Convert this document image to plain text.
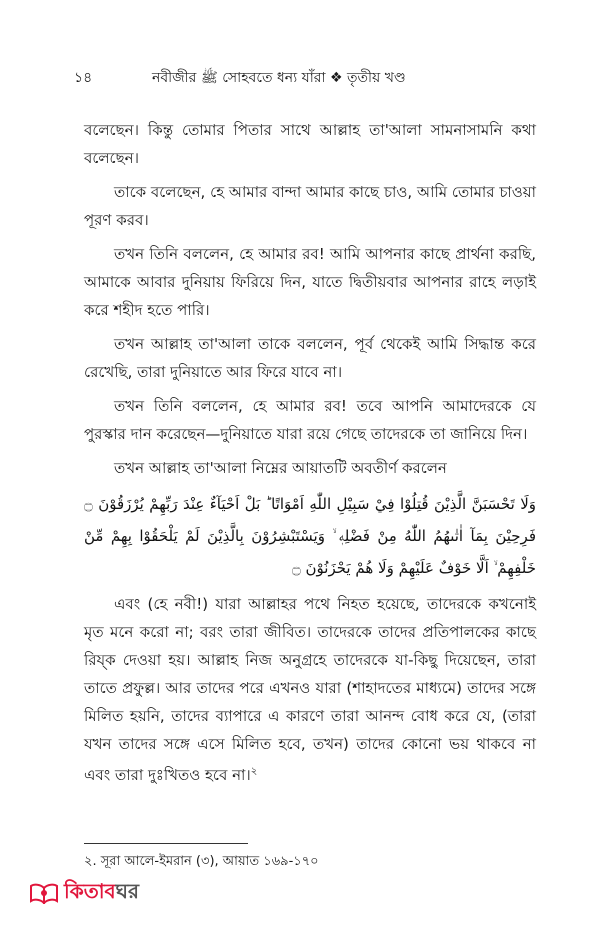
১৪	নবীজীর ﷺ সোহবতে ধন্য যাঁরা ❖ তৃতীয় খণ্ড

বলেছেন। কিন্তু তোমার পিতার সাথে আল্লাহ তা'আলা সামনাসামনি কথা বলেছেন।

তাকে বলেছেন, হে আমার বান্দা আমার কাছে চাও, আমি তোমার চাওয়া পূরণ করব।

তখন তিনি বললেন, হে আমার রব! আমি আপনার কাছে প্রার্থনা করছি, আমাকে আবার দুনিয়ায় ফিরিয়ে দিন, যাতে দ্বিতীয়বার আপনার রাহে লড়াই করে শহীদ হতে পারি।

তখন আল্লাহ তা'আলা তাকে বললেন, পূর্ব থেকেই আমি সিদ্ধান্ত করে রেখেছি, তারা দুনিয়াতে আর ফিরে যাবে না।

তখন তিনি বললেন, হে আমার রব! তবে আপনি আমাদেরকে যে পুরস্কার দান করেছেন—দুনিয়াতে যারা রয়ে গেছে তাদেরকে তা জানিয়ে দিন।

তখন আল্লাহ তা'আলা নিম্নের আয়াতটি অবতীর্ণ করলেন

وَلَا تَحْسَبَنَّ الَّذِيْنَ قُتِلُوْا فِيْ سَبِيْلِ اللّٰهِ اَمْوَاتًا ؕ بَلْ اَحْيَآءٌ عِنْدَ رَبِّهِمْ يُرْزَقُوْنَ ۝ فَرِحِيْنَ بِمَآ اٰتٰىهُمُ اللّٰهُ مِنْ فَضْلِهٖ ۙ وَيَسْتَبْشِرُوْنَ بِالَّذِيْنَ لَمْ يَلْحَقُوْا بِهِمْ مِّنْ خَلْفِهِمْ ۙ اَلَّا خَوْفٌ عَلَيْهِمْ وَلَا هُمْ يَحْزَنُوْنَ ۝

এবং (হে নবী!) যারা আল্লাহর পথে নিহত হয়েছে, তাদেরকে কখনোই মৃত মনে করো না; বরং তারা জীবিত। তাদেরকে তাদের প্রতিপালকের কাছে রিয্ক দেওয়া হয়। আল্লাহ নিজ অনুগ্রহে তাদেরকে যা-কিছু দিয়েছেন, তারা তাতে প্রফুল্ল। আর তাদের পরে এখনও যারা (শাহাদতের মাধ্যমে) তাদের সঙ্গে মিলিত হয়নি, তাদের ব্যাপারে এ কারণে তারা আনন্দ বোধ করে যে, (তারা যখন তাদের সঙ্গে এসে মিলিত হবে, তখন) তাদের কোনো ভয় থাকবে না এবং তারা দুঃখিতও হবে না।$^২$

২. সূরা আলে-ইমরান (৩), আয়াত ১৬৯-১৭০
কিতাব ঘর
